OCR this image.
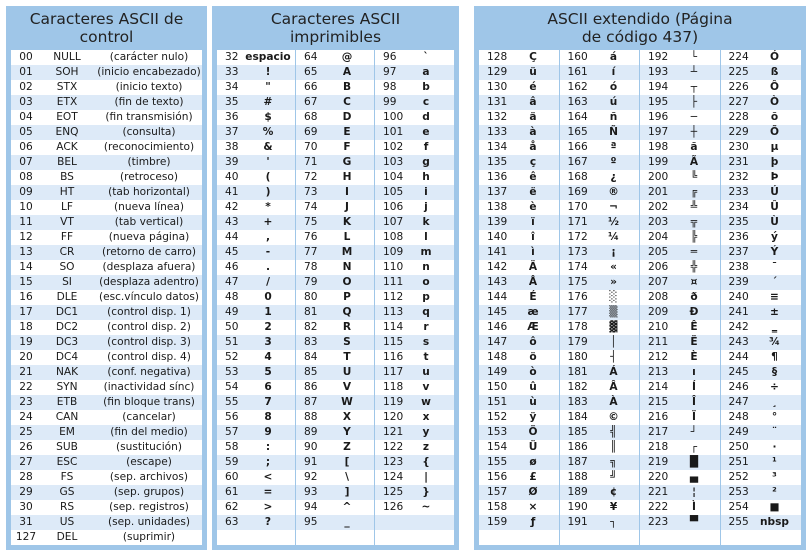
Caracteres ASCII de control
00	NULL	(carácter nulo)
01	SOH	(inicio encabezado)
02	STX	(inicio texto)
03	ETX	(fin de texto)
04	EOT	(fin transmisión)
05	ENQ	(consulta)
06	ACK	(reconocimiento)
07	BEL	(timbre)
08	BS	(retroceso)
09	HT	(tab horizontal)
10	LF	(nueva línea)
11	VT	(tab vertical)
12	FF	(nueva página)
13	CR	(retorno de carro)
14	SO	(desplaza afuera)
15	SI	(desplaza adentro)
16	DLE	(esc.vínculo datos)
17	DC1	(control disp. 1)
18	DC2	(control disp. 2)
19	DC3	(control disp. 3)
20	DC4	(control disp. 4)
21	NAK	(conf. negativa)
22	SYN	(inactividad sínc)
23	ETB	(fin bloque trans)
24	CAN	(cancelar)
25	EM	(fin del medio)
26	SUB	(sustitución)
27	ESC	(escape)
28	FS	(sep. archivos)
29	GS	(sep. grupos)
30	RS	(sep. registros)
31	US	(sep. unidades)
127	DEL	(suprimir)
Caracteres ASCII imprimibles
32 espacio
33	!
34	"
35	#
36	$
37	%
38	&
39	'
40	(
41	)
42	*
43	+
44	,
45	-
46	.
47	/
48	0
49	1
50	2
51	3
52	4
53	5
54	6
55	7
56	8
57	9
58	:
59	;
60	<
61	=
62	>
63	?
64	@
65	A
66	B
67	C
68	D
69	E
70	F
71	G
72	H
73	I
74	J
75	K
76	L
77	M
78	N
79	O
80	P
81	Q
82	R
83	S
84	T
85	U
86	V
87	W
88	X
89	Y
90	Z
91	[
92	\
93	]
94	^
95	_
96	`
97	a
98	b
99	c
100	d
101	e
102	f
103	g
104	h
105	i
106	j
107	k
108	l
109	m
110	n
111	o
112	p
113	q
114	r
115	s
116	t
117	u
118	v
119	w
120	x
121	y
122	z
123	{
124	|
125	}
126	~
ASCII extendido (Página de código 437)
128	Ç
129	ü
130	é
131	â
132	ä
133	à
134	å
135	ç
136	ê
137	ë
138	è
139	ï
140	î
141	ì
142	Ä
143	Å
144	É
145	æ
146	Æ
147	ô
148	ö
149	ò
150	û
151	ù
152	ÿ
153	Ö
154	Ü
155	ø
156	£
157	Ø
158	×
159	ƒ
160	á
161	í
162	ó
163	ú
164	ñ
165	Ñ
166	ª
167	º
168	¿
169	®
170	¬
171	½
172	¼
173	¡
174	«
175	»
176	░
177	▒
178	▓
179	│
180	┤
181	Á
182	Â
183	À
184	©
185	╣
186	║
187	╗
188	╝
189	¢
190	¥
191	┐
192	└
193	┴
194	┬
195	├
196	─
197	┼
198	ã
199	Ã
200	╚
201	╔
202	╩
203	╦
204	╠
205	═
206	╬
207	¤
208	ð
209	Ð
210	Ê
211	Ë
212	È
213	ı
214	Í
215	Î
216	Ï
217	┘
218	┌
219	█
220	▄
221	¦
222	Ì
223	▀
224	Ó
225	ß
226	Ô
227	Ò
228	õ
229	Õ
230	µ
231	þ
232	Þ
233	Ú
234	Û
235	Ù
236	ý
237	Ý
238	¯
239	´
240	≡
241	±
242	‗
243	¾
244	¶
245	§
246	÷
247	¸
248	°
249	¨
250	·
251	¹
252	³
253	²
254	■
255	nbsp
